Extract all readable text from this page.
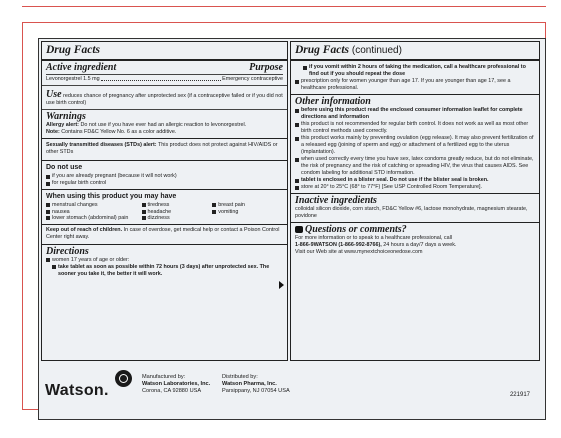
Drug Facts
Active ingredient	Purpose
Levonorgestrel 1.5 mg	Emergency contraceptive
Use reduces chance of pregnancy after unprotected sex (if a contraceptive failed or if you did not use birth control)
Warnings
Allergy alert: Do not use if you have ever had an allergic reaction to levonorgestrel.
Note: Contains FD&C Yellow No. 6 as a color additive.
Sexually transmitted diseases (STDs) alert: This product does not protect against HIV/AIDS or other STDs
Do not use
if you are already pregnant (because it will not work)
for regular birth control
When using this product you may have
menstrual changes	tiredness	breast pain
nausea	headache	vomiting
lower stomach (abdominal) pain	dizziness
Keep out of reach of children. In case of overdose, get medical help or contact a Poison Control Center right away.
Directions
women 17 years of age or older:
take tablet as soon as possible within 72 hours (3 days) after unprotected sex. The sooner you take it, the better it will work.
Drug Facts (continued)
if you vomit within 2 hours of taking the medication, call a healthcare professional to find out if you should repeat the dose
prescription only for women younger than age 17. If you are younger than age 17, see a healthcare professional.
Other information
before using this product read the enclosed consumer information leaflet for complete directions and information
this product is not recommended for regular birth control. It does not work as well as most other birth control methods used correctly.
this product works mainly by preventing ovulation (egg release). It may also prevent fertilization of a released egg (joining of sperm and egg) or attachment of a fertilized egg to the uterus (implantation).
when used correctly every time you have sex, latex condoms greatly reduce, but do not eliminate, the risk of pregnancy and the risk of catching or spreading HIV, the virus that causes AIDS. See condom labeling for additional STD information.
tablet is enclosed in a blister seal. Do not use if the blister seal is broken.
store at 20° to 25°C (68° to 77°F) [See USP Controlled Room Temperature].
Inactive ingredients
colloidal silicon dioxide, corn starch, FD&C Yellow #6, lactose monohydrate, magnesium stearate, povidone
Questions or comments?
For more information or to speak to a healthcare professional, call
1-866-9WATSON (1-866-992-8766), 24 hours a day/7 days a week.
Visit our Web site at www.mynextchoiceonedose.com
Watson.
Manufactured by:
Watson Laboratories, Inc.
Corona, CA 92880 USA
Distributed by:
Watson Pharma, Inc.
Parsippany, NJ 07054 USA
221917
